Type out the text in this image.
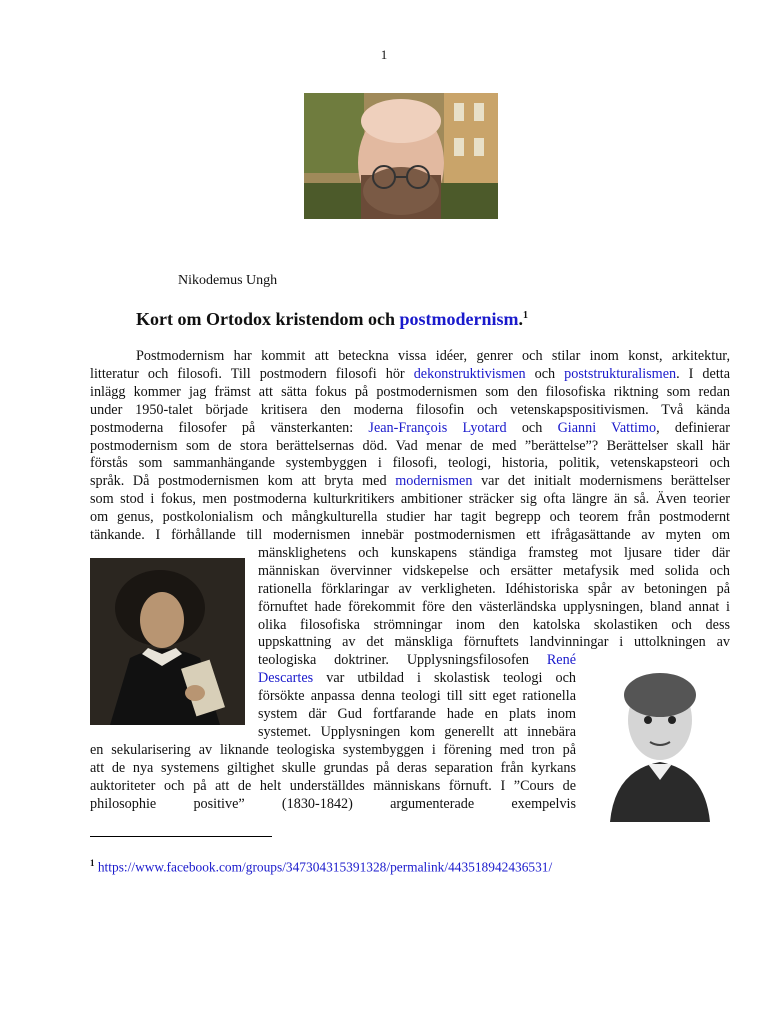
1
Nikodemus Ungh
Kort om Ortodox kristendom och postmodernism.$^1$
Postmodernism har kommit att beteckna vissa idéer, genrer och stilar inom konst, arkitektur,
litteratur och filosofi. Till postmodern filosofi hör dekonstruktivismen och poststrukturalismen. I detta
inlägg kommer jag främst att sätta fokus på postmodernismen som den filosofiska riktning som redan
under 1950-talet började kritisera den moderna filosofin och vetenskapspositivismen. Två kända
postmoderna filosofer på vänsterkanten: Jean-François Lyotard och Gianni Vattimo, definierar
postmodernism som de stora berättelsernas död. Vad menar de med ”berättelse”? Berättelser skall här
förstås som sammanhängande systembyggen i filosofi, teologi, historia, politik, vetenskapsteori och
språk. Då postmodernismen kom att bryta med modernismen var det initialt modernismens berättelser
som stod i fokus, men postmoderna kulturkritikers ambitioner sträcker sig ofta längre än så. Även teorier
om genus, postkolonialism och mångkulturella studier har tagit begrepp och teorem från postmodernt
tänkande. I förhållande till modernismen innebär postmodernismen ett ifrågasättande av myten om
mänsklighetens och kunskapens ständiga framsteg mot ljusare tider där
människan övervinner vidskepelse och ersätter metafysik med solida och
rationella förklaringar av verkligheten. Idéhistoriska spår av betoningen på
förnuftet hade förekommit före den västerländska upplysningen, bland annat i
olika filosofiska strömningar inom den katolska skolastiken och dess
uppskattning av det mänskliga förnuftets landvinningar i uttolkningen av
teologiska doktriner. Upplysningsfilosofen René
Descartes var utbildad i skolastisk teologi och
försökte anpassa denna teologi till sitt eget rationella
system där Gud fortfarande hade en plats inom
systemet. Upplysningen kom generellt att innebära
en sekularisering av liknande teologiska systembyggen i förening med tron på
att de nya systemens giltighet skulle grundas på deras separation från kyrkans
auktoriteter och på att de helt underställdes människans förnuft. I ”Cours de
philosophie positive” (1830-1842) argumenterade exempelvis
$^1$ https://www.facebook.com/groups/347304315391328/permalink/443518942436531/
